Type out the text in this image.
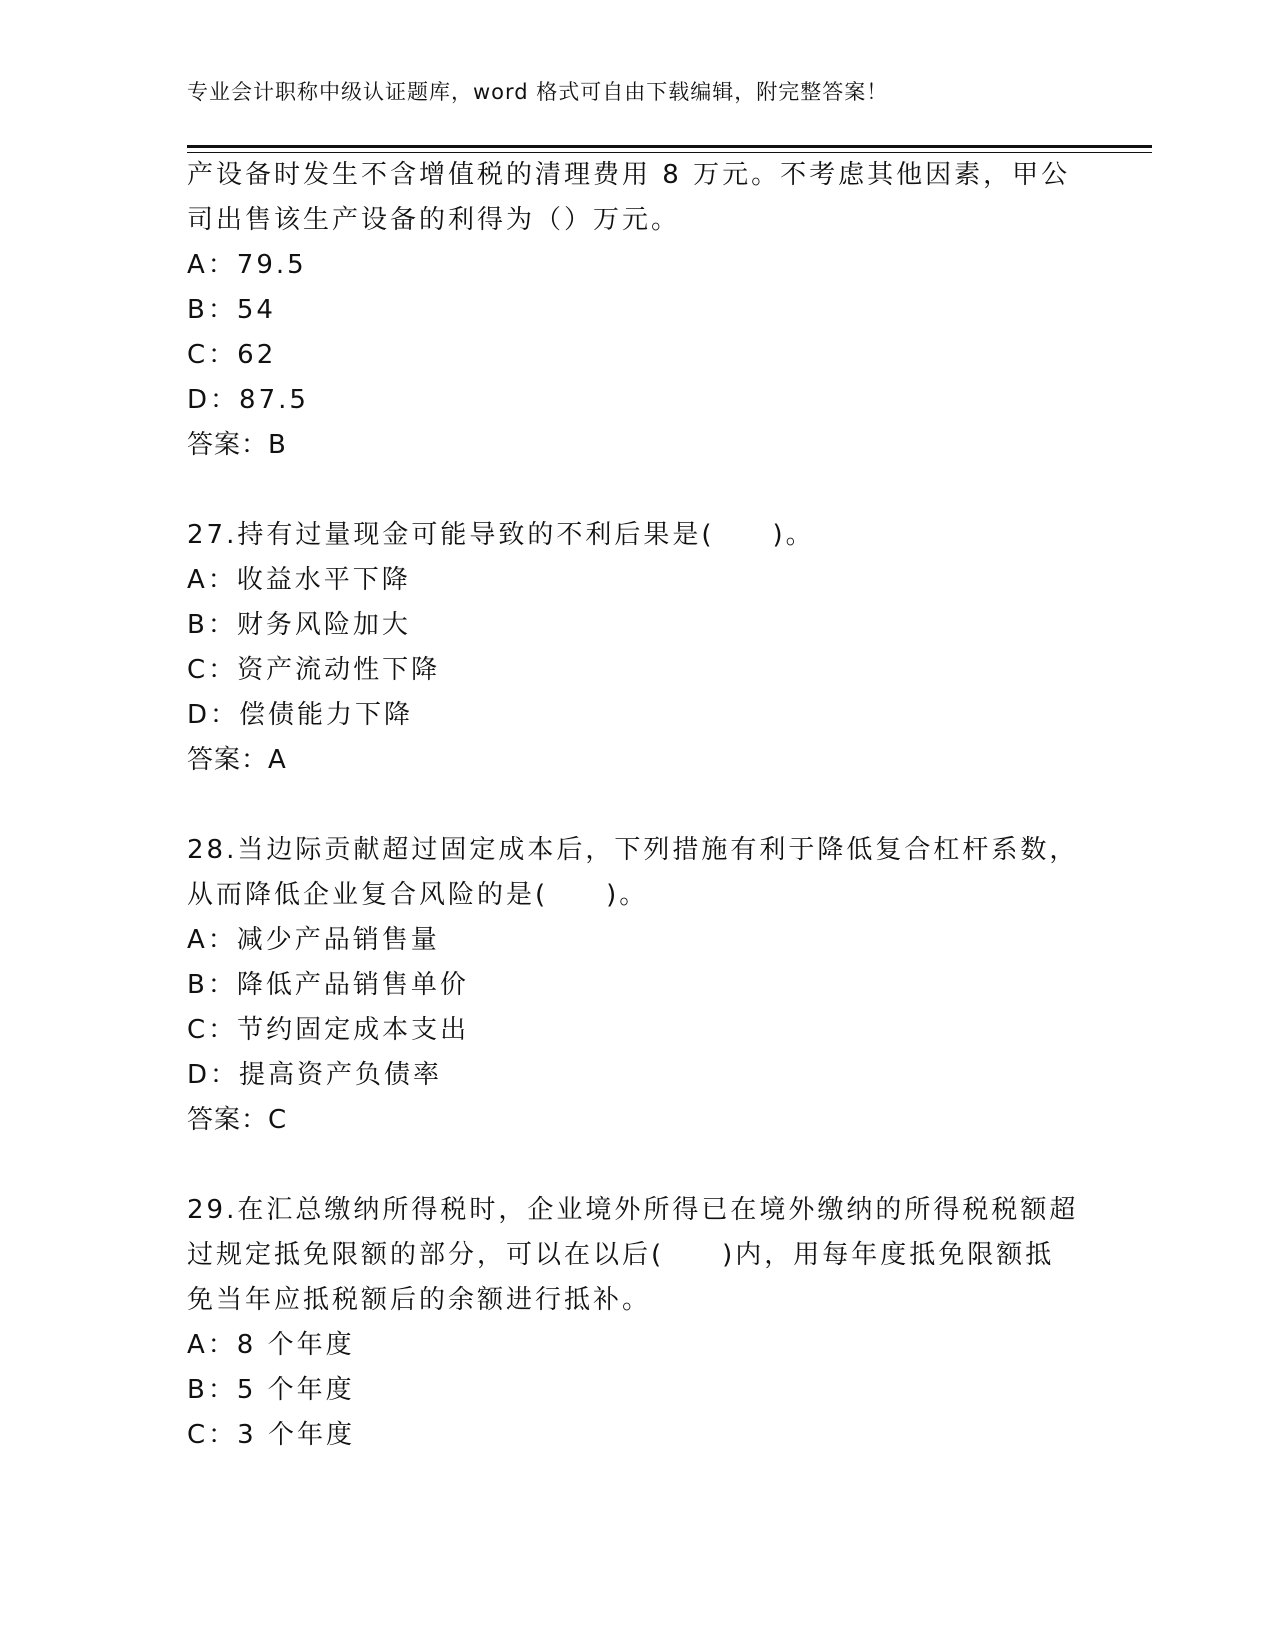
专业会计职称中级认证题库，word 格式可自由下载编辑，附完整答案！
产设备时发生不含增值税的清理费用 8 万元。不考虑其他因素，甲公
司出售该生产设备的利得为（）万元。
A：79.5
B：54
C：62
D：87.5
答案：B
27.持有过量现金可能导致的不利后果是(　　)。
A：收益水平下降
B：财务风险加大
C：资产流动性下降
D：偿债能力下降
答案：A
28.当边际贡献超过固定成本后，下列措施有利于降低复合杠杆系数，
从而降低企业复合风险的是(　　)。
A：减少产品销售量
B：降低产品销售单价
C：节约固定成本支出
D：提高资产负债率
答案：C
29.在汇总缴纳所得税时，企业境外所得已在境外缴纳的所得税税额超
过规定抵免限额的部分，可以在以后(　　)内，用每年度抵免限额抵
免当年应抵税额后的余额进行抵补。
A：8 个年度
B：5 个年度
C：3 个年度
